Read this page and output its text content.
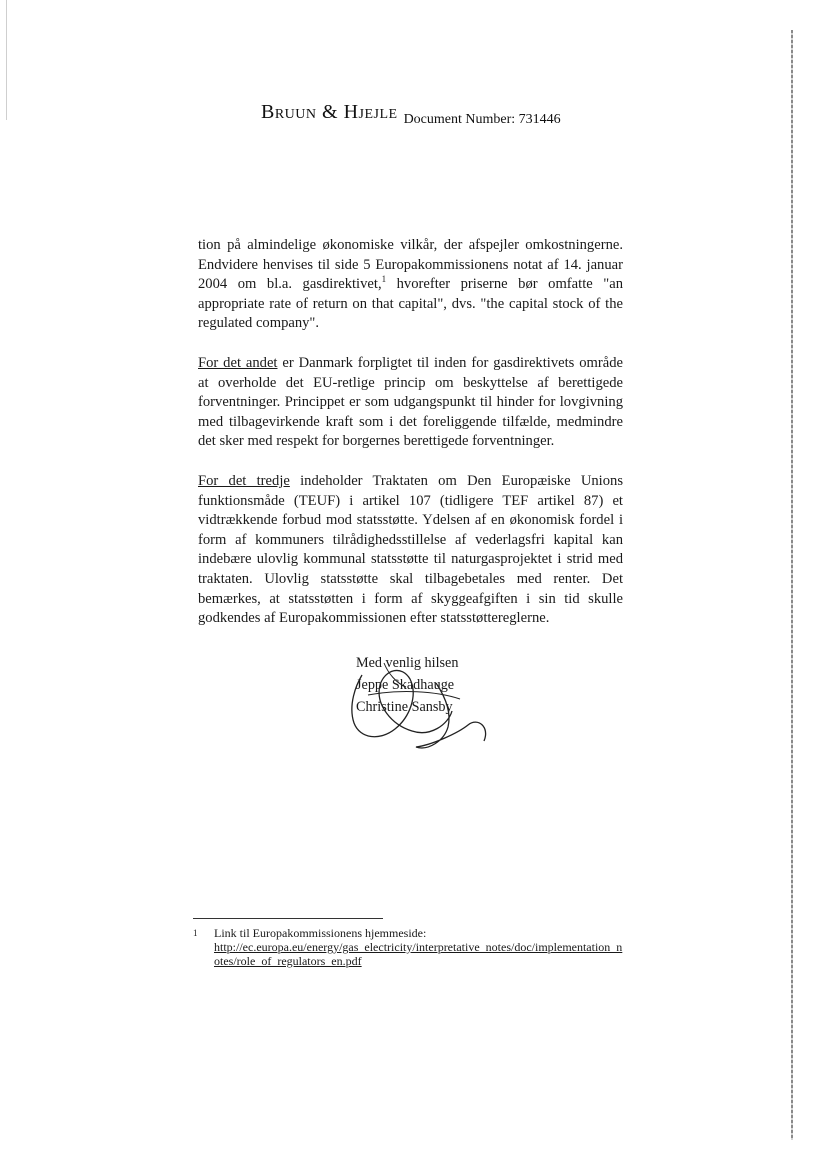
Bruun & Hjejle Document Number: 731446

tion på almindelige økonomiske vilkår, der afspejler omkostningerne. Endvidere henvises til side 5 Europakommissionens notat af 14. januar 2004 om bl.a. gasdirektivet,$^1$ hvorefter priserne bør omfatte "an appropriate rate of return on that capital", dvs. "the capital stock of the regulated company".

For det andet er Danmark forpligtet til inden for gasdirektivets område at overholde det EU-retlige princip om beskyttelse af berettigede forventninger. Princippet er som udgangspunkt til hinder for lovgivning med tilbagevirkende kraft som i det foreliggende tilfælde, medmindre det sker med respekt for borgernes berettigede forventninger.

For det tredje indeholder Traktaten om Den Europæiske Unions funktionsmåde (TEUF) i artikel 107 (tidligere TEF artikel 87) et vidtrækkende forbud mod statsstøtte. Ydelsen af en økonomisk fordel i form af kommuners tilrådighedsstillelse af vederlagsfri kapital kan indebære ulovlig kommunal statsstøtte til naturgasprojektet i strid med traktaten. Ulovlig statsstøtte skal tilbagebetales med renter. Det bemærkes, at statsstøtten i form af skyggeafgiften i sin tid skulle godkendes af Europakommissionen efter statsstøttereglerne.

Med venlig hilsen
Jeppe Skadhauge
Christine Sansby
1 Link til Europakommissionens hjemmeside:
http://ec.europa.eu/energy/gas_electricity/interpretative_notes/doc/implementation_notes/role_of_regulators_en.pdf
